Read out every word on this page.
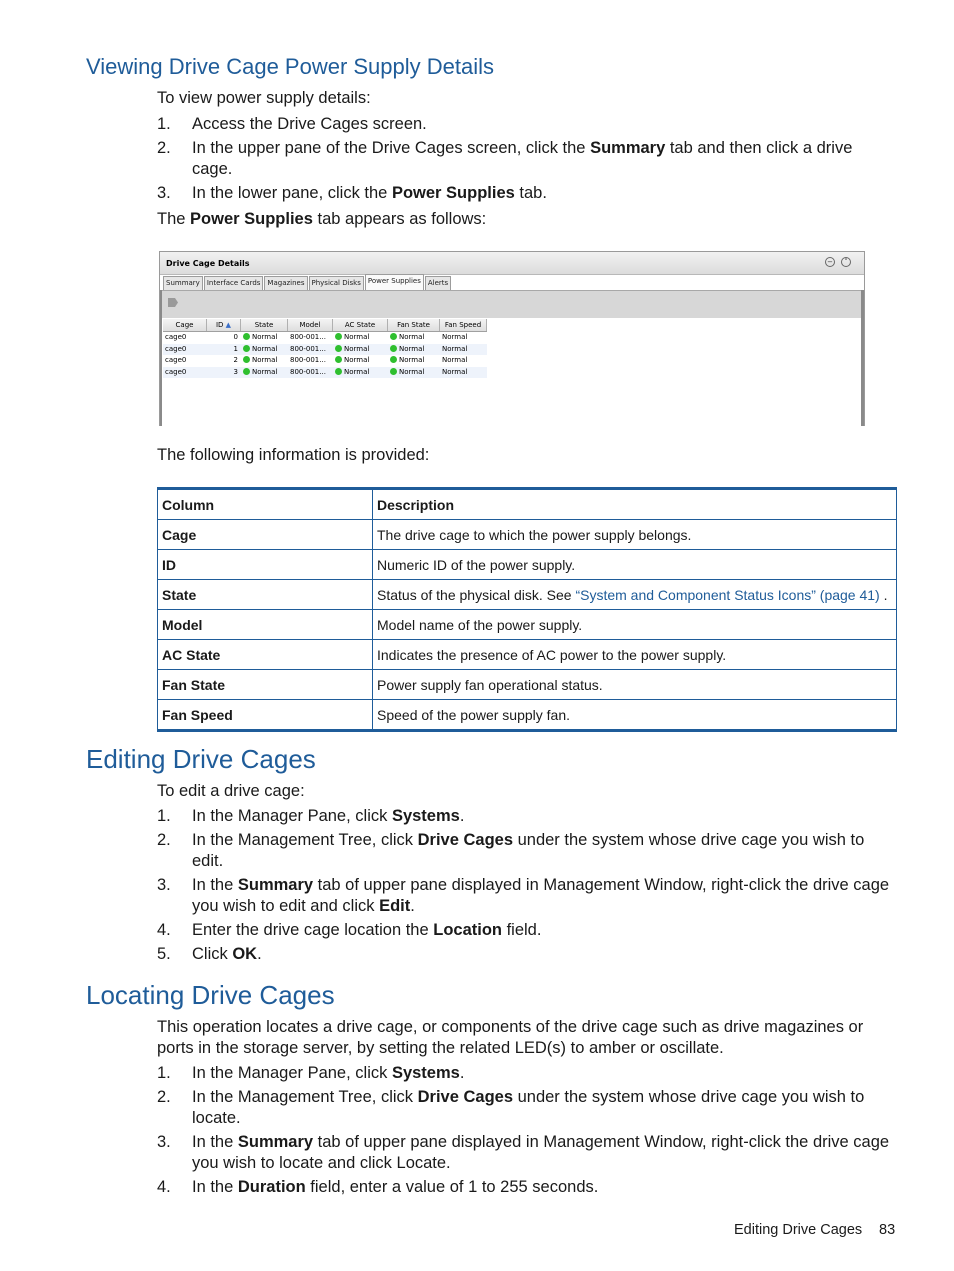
Viewing Drive Cage Power Supply Details

To view power supply details:

1. Access the Drive Cages screen.
2. In the upper pane of the Drive Cages screen, click the Summary tab and then click a drive cage.
3. In the lower pane, click the Power Supplies tab.

The Power Supplies tab appears as follows:

Drive Cage Details	−	˅
Summary	Interface Cards	Magazines	Physical Disks	Power Supplies	Alerts
Cage	ID ▲	State	Model	AC State	Fan State	Fan Speed
cage0	0	Normal	800-001...	Normal	Normal	Normal
cage0	1	Normal	800-001...	Normal	Normal	Normal
cage0	2	Normal	800-001...	Normal	Normal	Normal
cage0	3	Normal	800-001...	Normal	Normal	Normal

The following information is provided:

Column	Description
Cage	The drive cage to which the power supply belongs.
ID	Numeric ID of the power supply.
State	Status of the physical disk. See “System and Component Status Icons” (page 41) .
Model	Model name of the power supply.
AC State	Indicates the presence of AC power to the power supply.
Fan State	Power supply fan operational status.
Fan Speed	Speed of the power supply fan.
Editing Drive Cages

To edit a drive cage:

1. In the Manager Pane, click Systems.
2. In the Management Tree, click Drive Cages under the system whose drive cage you wish to edit.
3. In the Summary tab of upper pane displayed in Management Window, right-click the drive cage you wish to edit and click Edit.
4. Enter the drive cage location the Location field.
5. Click OK.
Locating Drive Cages

This operation locates a drive cage, or components of the drive cage such as drive magazines or ports in the storage server, by setting the related LED(s) to amber or oscillate.

1. In the Manager Pane, click Systems.
2. In the Management Tree, click Drive Cages under the system whose drive cage you wish to locate.
3. In the Summary tab of upper pane displayed in Management Window, right-click the drive cage you wish to locate and click Locate.
4. In the Duration field, enter a value of 1 to 255 seconds.
Editing Drive Cages 83
